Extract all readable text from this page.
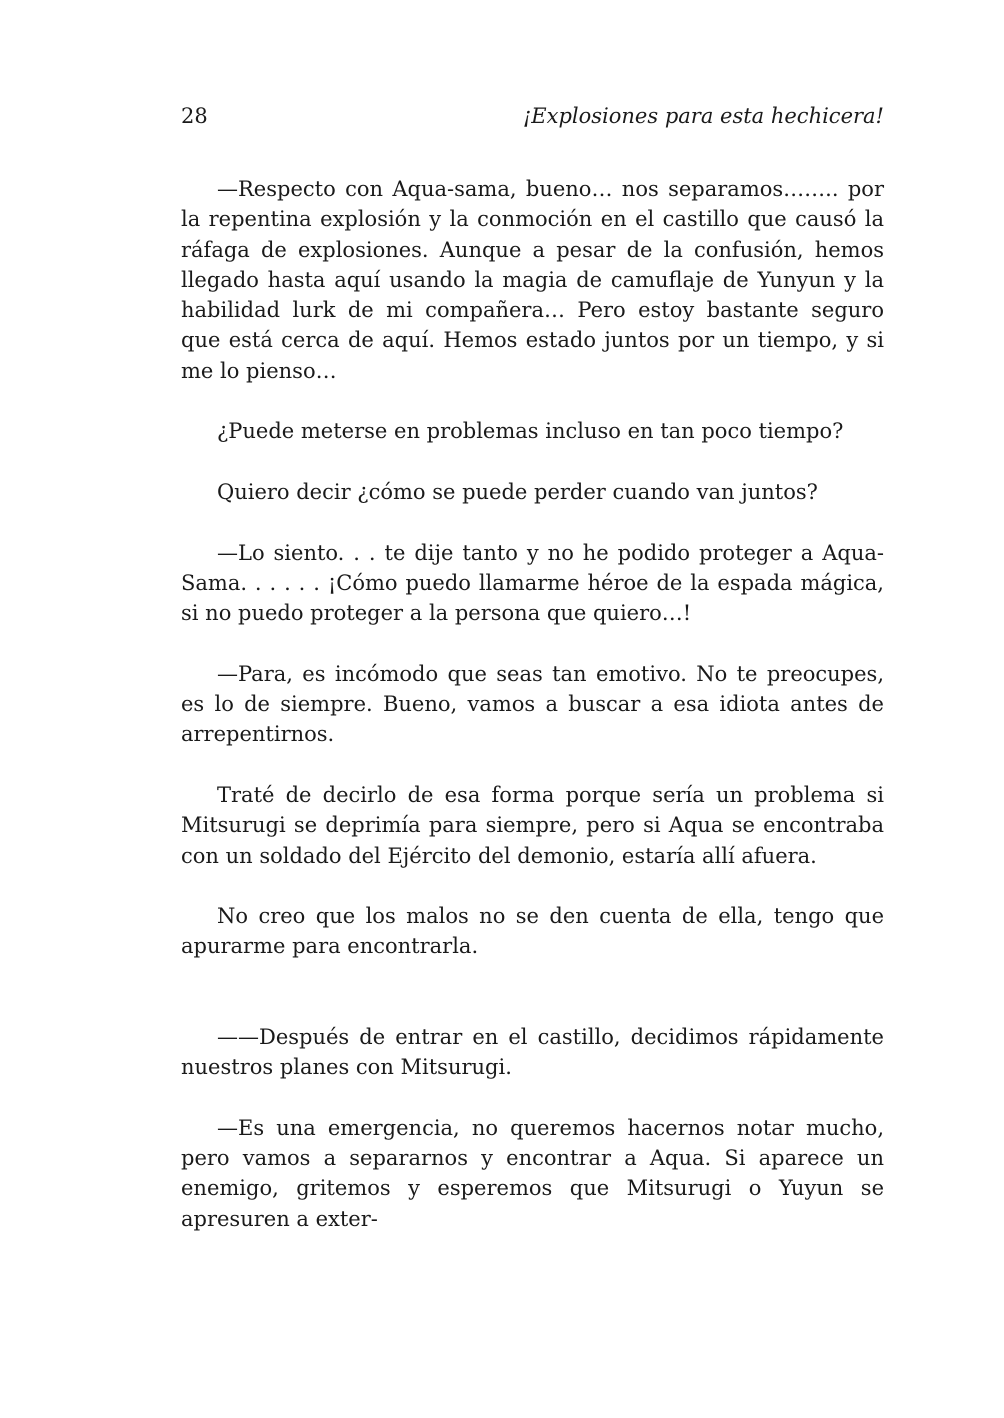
28	¡Explosiones para esta hechicera!

—Respecto con Aqua-sama, bueno… nos separamos…….. por la repentina explosión y la conmoción en el castillo que causó la ráfaga de explosiones. Aunque a pesar de la confusión, hemos llegado hasta aquí usando la magia de camuflaje de Yunyun y la habilidad lurk de mi compañera… Pero estoy bastante seguro que está cerca de aquí. Hemos estado juntos por un tiempo, y si me lo pienso…

¿Puede meterse en problemas incluso en tan poco tiempo?

Quiero decir ¿cómo se puede perder cuando van juntos?

—Lo siento. . . te dije tanto y no he podido proteger a Aqua-Sama. . . . . . ¡Cómo puedo llamarme héroe de la espada mágica, si no puedo proteger a la persona que quiero…!

—Para, es incómodo que seas tan emotivo. No te preocupes, es lo de siempre. Bueno, vamos a buscar a esa idiota antes de arrepentirnos.

Traté de decirlo de esa forma porque sería un problema si Mitsurugi se deprimía para siempre, pero si Aqua se encontraba con un soldado del Ejército del demonio, estaría allí afuera.

No creo que los malos no se den cuenta de ella, tengo que apurarme para encontrarla.

——Después de entrar en el castillo, decidimos rápidamente nuestros planes con Mitsurugi.

—Es una emergencia, no queremos hacernos notar mucho, pero vamos a separarnos y encontrar a Aqua. Si aparece un enemigo, gritemos y esperemos que Mitsurugi o Yuyun se apresuren a exter-
